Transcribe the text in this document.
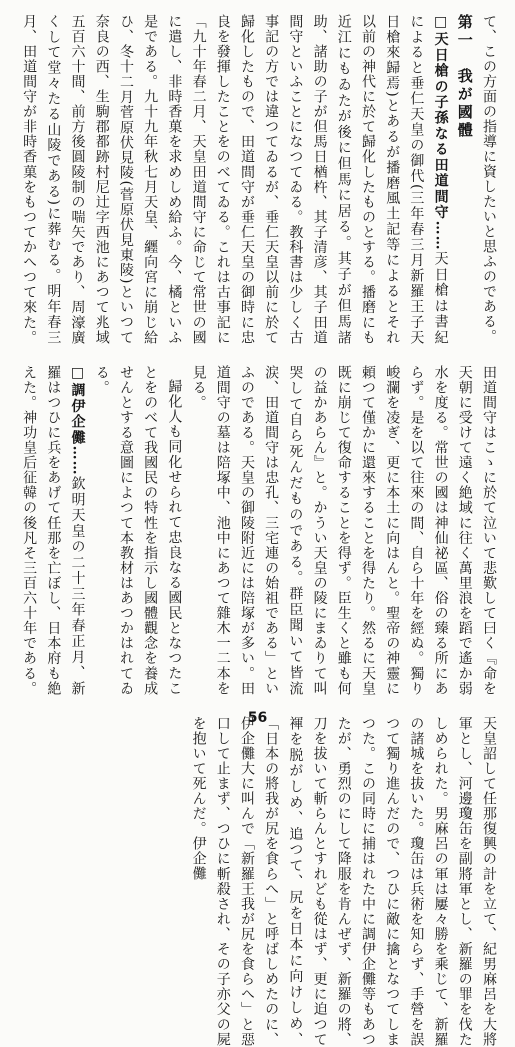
て、この方面の指導に資したいと思ふのである。

第一　我が國體

□天日槍の子孫なる田道間守……天日槍は書紀によると垂仁天皇の御代(三年春三月新羅王子天日槍來歸焉)とあるが播磨風土記等によるとそれ以前の神代に於て歸化したものとする。播磨にも近江にもゐたが後に但馬に居る。其子が但馬諸助、諸助の子が但馬日楢杵、其子清彦、其子田道間守といふことになつてゐる。教科書は少しく古事記の方では違つてゐるが、垂仁天皇以前に於て歸化したもので、田道間守が垂仁天皇の御時に忠良を發揮したことをのべてゐる。これは古事記に「九十年春二月、天皇田道間守に命じて常世の國に遣し、非時香菓を求めしめ給ふ。今、橘といふ是である。九十九年秋七月天皇、纒向宮に崩じ給ひ、冬十二月菅原伏見陵(菅原伏見東陵)といつて奈良の西、生駒郡都跡村尼辻字西池にあつて兆域五百六十間、前方後圓陵制の喘矢であり、周濠廣くして堂々たる山陵である)に葬むる。明年春三月、田道間守が非時香菓をもつてかへつて來た。田道間守はこゝに於て泣いて悲歎して曰く『命を天朝に受けて遠く絶域に往く萬里浪を蹈で遙か弱水を度る。常世の國は神仙祕區、俗の臻る所にあらず。是を以て往來の間、自ら十年を經ぬ。獨り峻瀾を凌ぎ、更に本土に向はんと。聖帝の神靈に頼つて僅かに還來することを得たり。然るに天皇既に崩じて復命することを得ず。臣生くと雖も何の益かあらん』と。かうい天皇の陵にまゐりて叫哭して自ら死んだものである。群臣聞いて皆流涙、田道間守は忠孔、三宅連の始祖である」といふのである。天皇の御陵附近には陪塚が多い。田道間守の墓は陪塚中、池中にあつて雜木一二本を見る。

歸化人も同化せられて忠良なる國民となつたことをのべて我國民の特性を指示し國體觀念を養成せんとする意圖によつて本教材はあつかはれてゐる。

□調伊企儺……欽明天皇の二十三年春正月、新羅はつひに兵をあげて任那を亡ぼし、日本府も絶えた。神功皇后征韓の後凡そ三百六十年である。天皇詔して任那復興の計を立て、紀男麻呂を大將軍とし、河邊瓊缶を副將軍とし、新羅の罪を伐たしめられた。男麻呂の軍は屢々勝を乘じて、新羅の諸城を拔いた。瓊缶は兵術を知らず、手營を誤つて獨り進んだので、つひに敵に擒となつてしまつた。この同時に捕はれた中に調伊企儺等もあつたが、勇烈のにして降服を肯んぜず、新羅の將、刀を拔いて斬らんとすれども從はず、更に迫つて褌を脱がしめ、追つて、尻を日本に向けしめ、「日本の將我が尻を食らへ」と呼ばしめたのに、伊企儺大に叫んで「新羅王我が尻を食らへ」と惡口して止まず、つひに斬殺され、その子亦父の屍を抱いて死んだ。伊企儺	56
